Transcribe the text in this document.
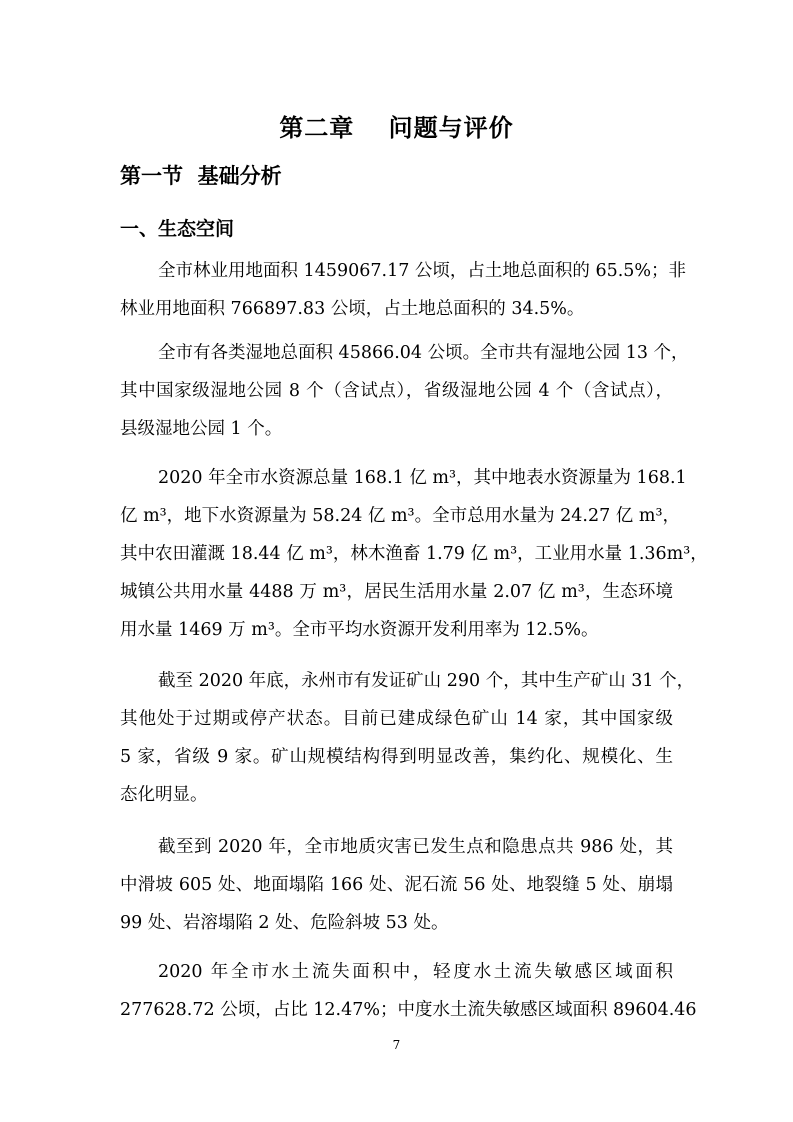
第二章　 问题与评价
第一节  基础分析
一、生态空间
全市林业用地面积 1459067.17 公顷，占土地总面积的 65.5%；非
林业用地面积 766897.83 公顷，占土地总面积的 34.5%。
全市有各类湿地总面积 45866.04 公顷。全市共有湿地公园 13 个，
其中国家级湿地公园 8 个（含试点），省级湿地公园 4 个（含试点），
县级湿地公园 1 个。
2020 年全市水资源总量 168.1 亿 m³，其中地表水资源量为 168.1
亿 m³，地下水资源量为 58.24 亿 m³。全市总用水量为 24.27 亿 m³，
其中农田灌溉 18.44 亿 m³，林木渔畜 1.79 亿 m³，工业用水量 1.36m³，
城镇公共用水量 4488 万 m³，居民生活用水量 2.07 亿 m³，生态环境
用水量 1469 万 m³。全市平均水资源开发利用率为 12.5%。
截至 2020 年底，永州市有发证矿山 290 个，其中生产矿山 31 个，
其他处于过期或停产状态。目前已建成绿色矿山 14 家，其中国家级
5 家，省级 9 家。矿山规模结构得到明显改善，集约化、规模化、生
态化明显。
截至到 2020 年，全市地质灾害已发生点和隐患点共 986 处，其
中滑坡 605 处、地面塌陷 166 处、泥石流 56 处、地裂缝 5 处、崩塌
99 处、岩溶塌陷 2 处、危险斜坡 53 处。
2020 年全市水土流失面积中，轻度水土流失敏感区域面积
277628.72 公顷，占比 12.47%；中度水土流失敏感区域面积 89604.46
7
